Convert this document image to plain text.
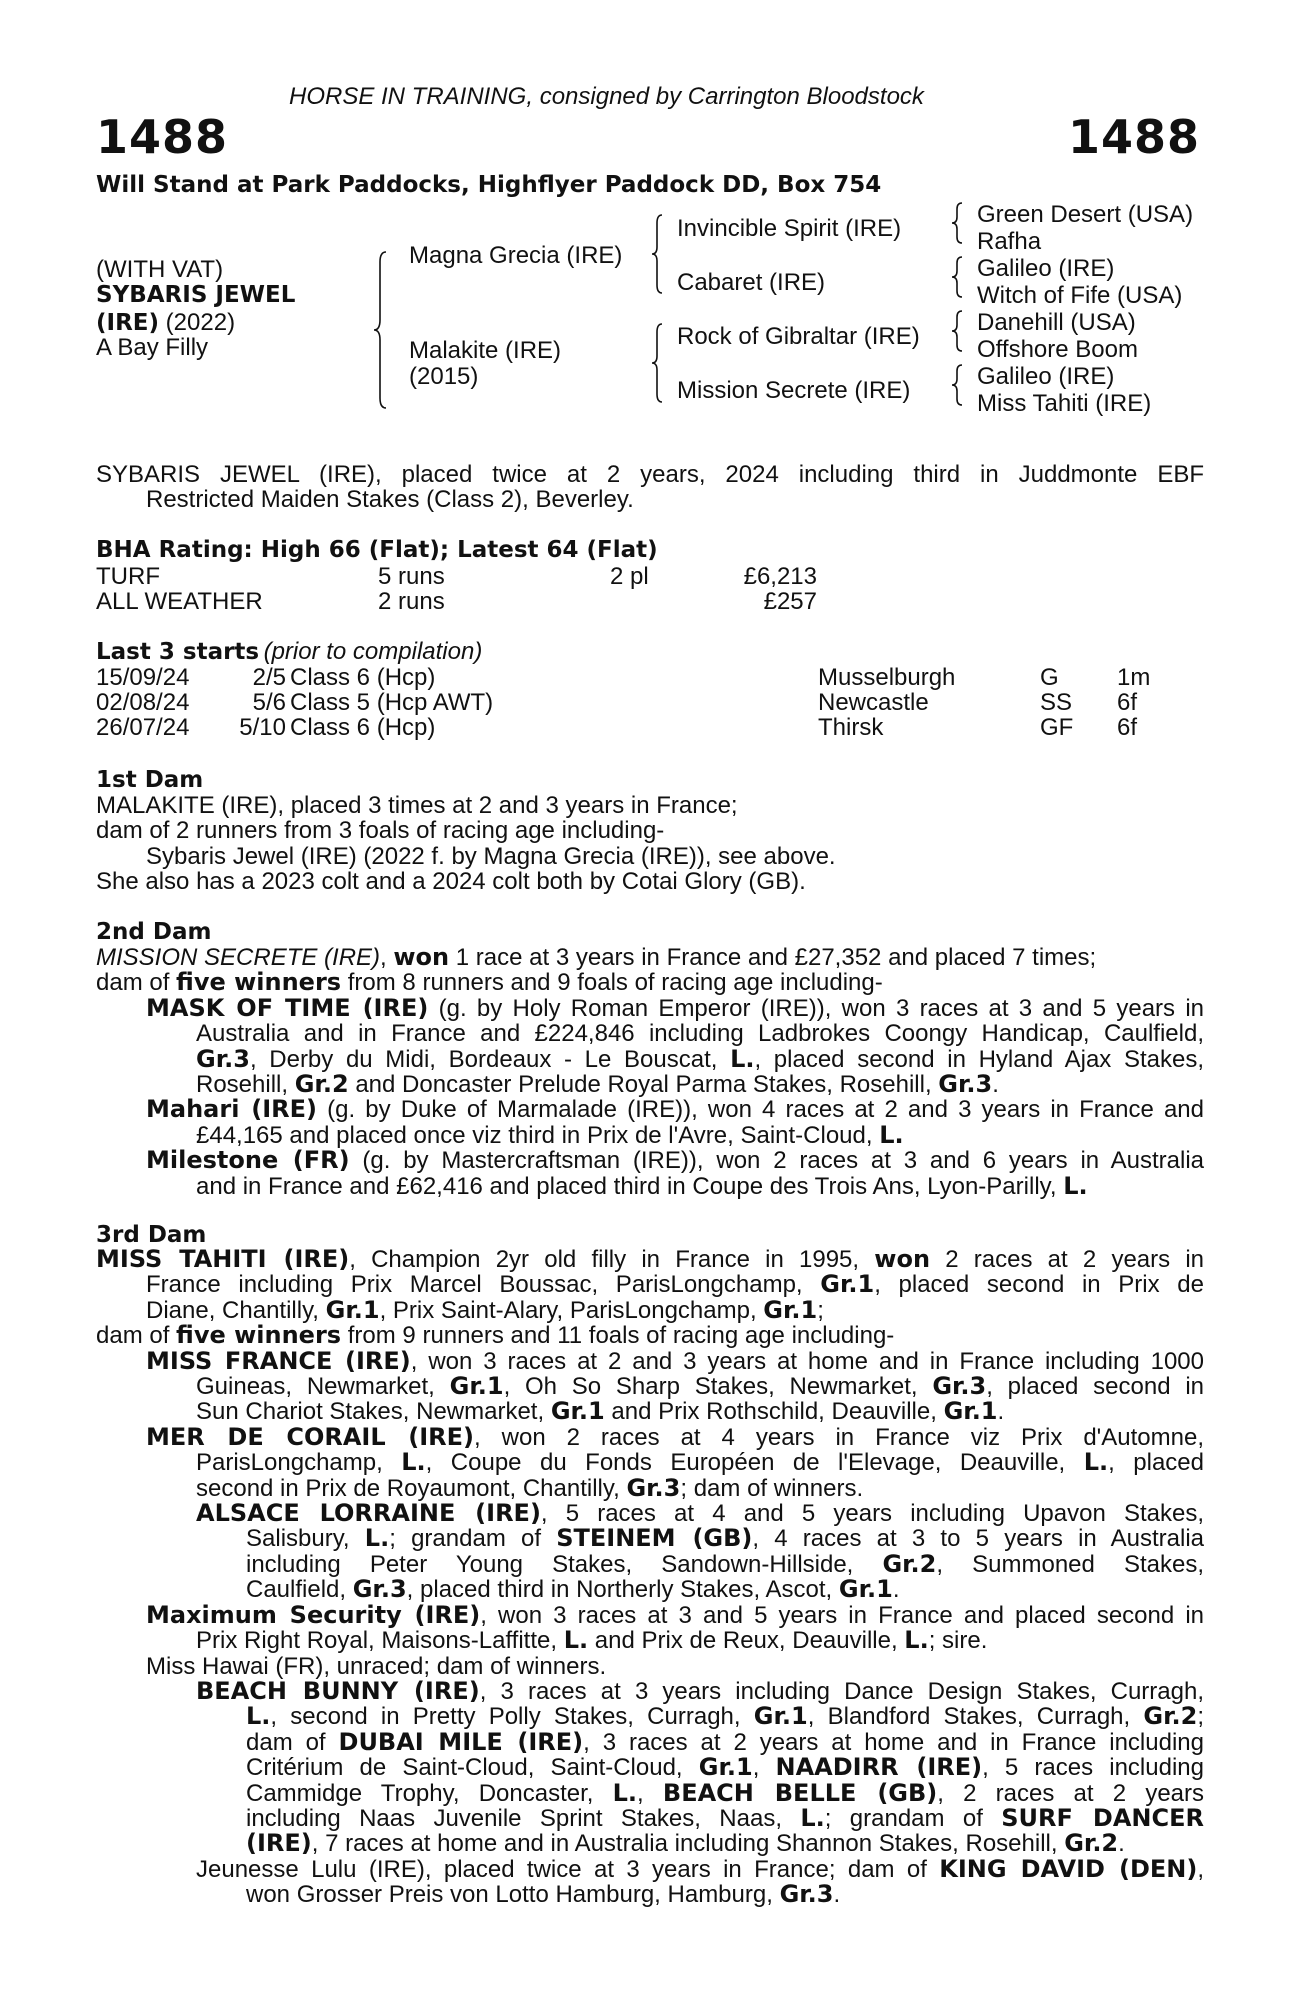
HORSE IN TRAINING, consigned by Carrington Bloodstock
1488	1488
Will Stand at Park Paddocks, Highflyer Paddock DD, Box 754
(WITH VAT)
SYBARIS JEWEL
(IRE) (2022)
A Bay Filly
Magna Grecia (IRE)
Malakite (IRE)
(2015)
Invincible Spirit (IRE)
Cabaret (IRE)
Rock of Gibraltar (IRE)
Mission Secrete (IRE)
Green Desert (USA)
Rafha
Galileo (IRE)
Witch of Fife (USA)
Danehill (USA)
Offshore Boom
Galileo (IRE)
Miss Tahiti (IRE)
SYBARIS JEWEL (IRE), placed twice at 2 years, 2024 including third in Juddmonte EBF
Restricted Maiden Stakes (Class 2), Beverley.
BHA Rating: High 66 (Flat); Latest 64 (Flat)
TURF	5 runs	2 pl	£6,213
ALL WEATHER	2 runs	£257
Last 3 starts (prior to compilation)
15/09/24	2/5 Class 6 (Hcp)	Musselburgh	G 1m
02/08/24	5/6 Class 5 (Hcp AWT)	Newcastle	SS 6f
26/07/24 5/10 Class 6 (Hcp)	Thirsk	GF 6f
1st Dam
MALAKITE (IRE), placed 3 times at 2 and 3 years in France;
dam of 2 runners from 3 foals of racing age including-
Sybaris Jewel (IRE) (2022 f. by Magna Grecia (IRE)), see above.
She also has a 2023 colt and a 2024 colt both by Cotai Glory (GB).
2nd Dam
MISSION SECRETE (IRE), won 1 race at 3 years in France and £27,352 and placed 7 times;
dam of five winners from 8 runners and 9 foals of racing age including-
MASK OF TIME (IRE) (g. by Holy Roman Emperor (IRE)), won 3 races at 3 and 5 years in
Australia and in France and £224,846 including Ladbrokes Coongy Handicap, Caulfield,
Gr.3, Derby du Midi, Bordeaux - Le Bouscat, L., placed second in Hyland Ajax Stakes,
Rosehill, Gr.2 and Doncaster Prelude Royal Parma Stakes, Rosehill, Gr.3.
Mahari (IRE) (g. by Duke of Marmalade (IRE)), won 4 races at 2 and 3 years in France and
£44,165 and placed once viz third in Prix de l'Avre, Saint-Cloud, L.
Milestone (FR) (g. by Mastercraftsman (IRE)), won 2 races at 3 and 6 years in Australia
and in France and £62,416 and placed third in Coupe des Trois Ans, Lyon-Parilly, L.
3rd Dam
MISS TAHITI (IRE), Champion 2yr old filly in France in 1995, won 2 races at 2 years in
France including Prix Marcel Boussac, ParisLongchamp, Gr.1, placed second in Prix de
Diane, Chantilly, Gr.1, Prix Saint-Alary, ParisLongchamp, Gr.1;
dam of five winners from 9 runners and 11 foals of racing age including-
MISS FRANCE (IRE), won 3 races at 2 and 3 years at home and in France including 1000
Guineas, Newmarket, Gr.1, Oh So Sharp Stakes, Newmarket, Gr.3, placed second in
Sun Chariot Stakes, Newmarket, Gr.1 and Prix Rothschild, Deauville, Gr.1.
MER DE CORAIL (IRE), won 2 races at 4 years in France viz Prix d'Automne,
ParisLongchamp, L., Coupe du Fonds Européen de l'Elevage, Deauville, L., placed
second in Prix de Royaumont, Chantilly, Gr.3; dam of winners.
ALSACE LORRAINE (IRE), 5 races at 4 and 5 years including Upavon Stakes,
Salisbury, L.; grandam of STEINEM (GB), 4 races at 3 to 5 years in Australia
including Peter Young Stakes, Sandown-Hillside, Gr.2, Summoned Stakes,
Caulfield, Gr.3, placed third in Northerly Stakes, Ascot, Gr.1.
Maximum Security (IRE), won 3 races at 3 and 5 years in France and placed second in
Prix Right Royal, Maisons-Laffitte, L. and Prix de Reux, Deauville, L.; sire.
Miss Hawai (FR), unraced; dam of winners.
BEACH BUNNY (IRE), 3 races at 3 years including Dance Design Stakes, Curragh,
L., second in Pretty Polly Stakes, Curragh, Gr.1, Blandford Stakes, Curragh, Gr.2;
dam of DUBAI MILE (IRE), 3 races at 2 years at home and in France including
Critérium de Saint-Cloud, Saint-Cloud, Gr.1, NAADIRR (IRE), 5 races including
Cammidge Trophy, Doncaster, L., BEACH BELLE (GB), 2 races at 2 years
including Naas Juvenile Sprint Stakes, Naas, L.; grandam of SURF DANCER
(IRE), 7 races at home and in Australia including Shannon Stakes, Rosehill, Gr.2.
Jeunesse Lulu (IRE), placed twice at 3 years in France; dam of KING DAVID (DEN),
won Grosser Preis von Lotto Hamburg, Hamburg, Gr.3.
